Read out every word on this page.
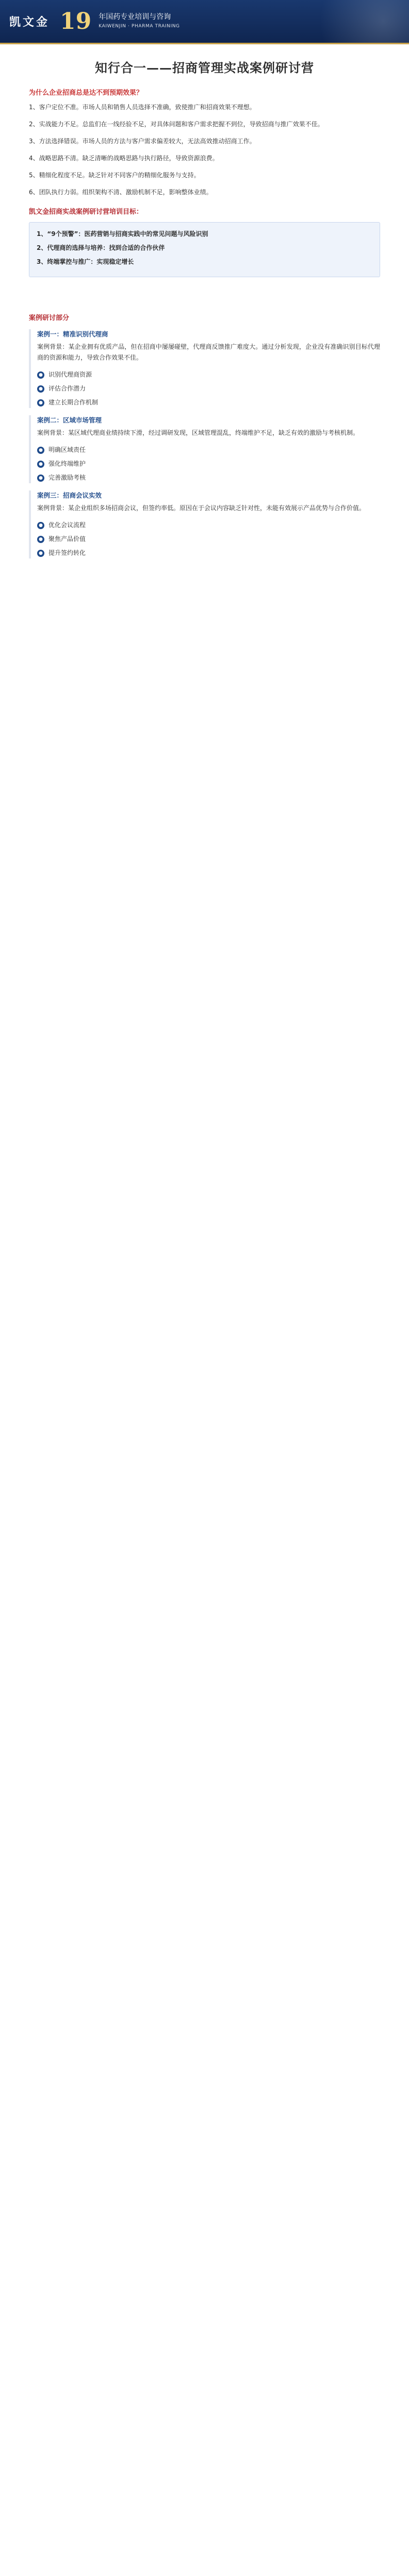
凯文金 19 年国药专业培训与咨询
KAIWENJIN · PHARMA TRAINING
知行合一——招商管理实战案例研讨营
为什么企业招商总是达不到预期效果？
1、客户定位不准。市场人员和销售人员选择不准确，致使推广和招商效果不理想。
2、实战能力不足。总监们在一线经验不足，对具体问题和客户需求把握不到位，导致招商与推广效果不佳。
3、方法选择错误。市场人员的方法与客户需求偏差较大，无法高效推动招商工作。
4、战略思路不清。缺乏清晰的战略思路与执行路径，导致资源浪费。
5、精细化程度不足。缺乏针对不同客户的精细化服务与支持。
6、团队执行力弱。组织架构不清、激励机制不足，影响整体业绩。
凯文金招商实战案例研讨营培训目标：

1、“9个预警”：医药营销与招商实践中的常见问题与风险识别

2、代理商的选择与培养：找到合适的合作伙伴

3、终端掌控与推广：实现稳定增长

案例研讨部分
案例一：精准识别代理商

案例背景：某企业拥有优质产品，但在招商中屡屡碰壁，代理商反馈推广难度大。通过分析发现，企业没有准确识别目标代理商的资源和能力，导致合作效果不佳。

● 识别代理商资源
● 评估合作潜力
● 建立长期合作机制
案例二：区域市场管理

案例背景：某区域代理商业绩持续下滑，经过调研发现，区域管理混乱，终端维护不足，缺乏有效的激励与考核机制。

● 明确区域责任
● 强化终端维护
● 完善激励考核
案例三：招商会议实效

案例背景：某企业组织多场招商会议，但签约率低。原因在于会议内容缺乏针对性，未能有效展示产品优势与合作价值。

● 优化会议流程
● 聚焦产品价值
● 提升签约转化
